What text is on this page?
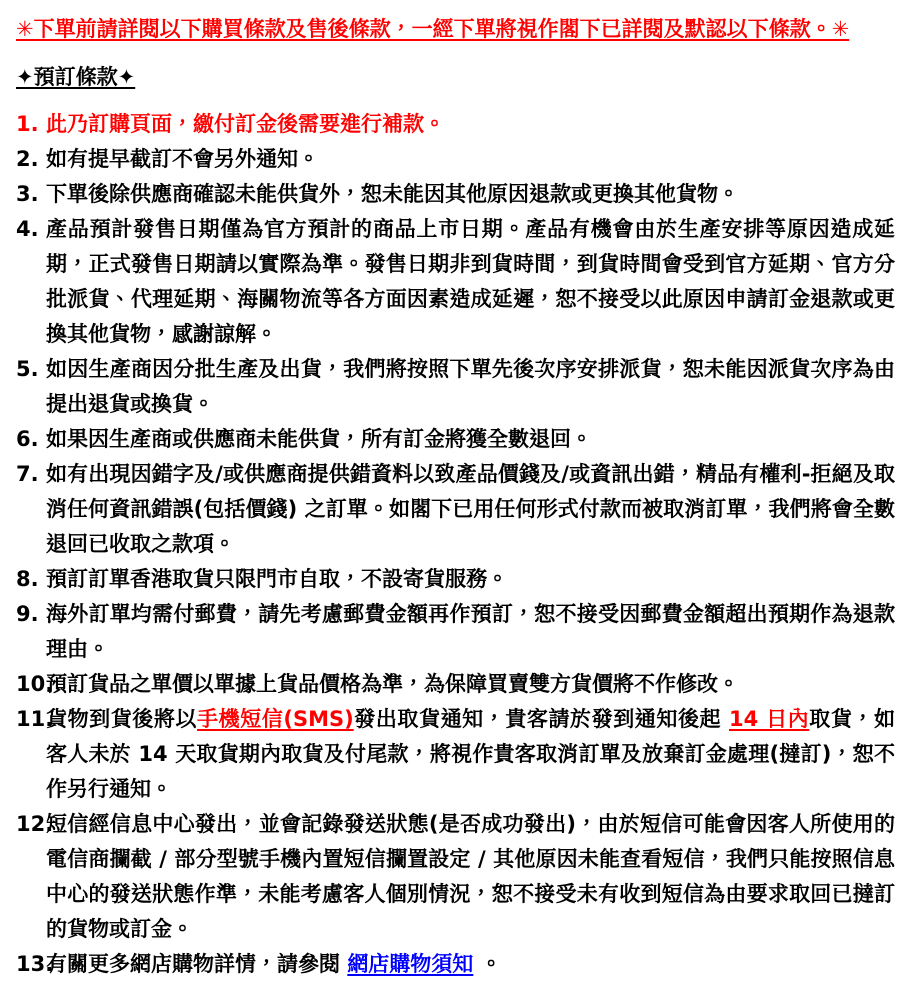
✳下單前請詳閱以下購買條款及售後條款，一經下單將視作閣下已詳閱及默認以下條款。✳

✦預訂條款✦

1. 此乃訂購頁面，繳付訂金後需要進行補款。
2. 如有提早截訂不會另外通知。
3. 下單後除供應商確認未能供貨外，恕未能因其他原因退款或更換其他貨物。
4. 產品預計發售日期僅為官方預計的商品上市日期。產品有機會由於生產安排等原因造成延期，正式發售日期請以實際為準。發售日期非到貨時間，到貨時間會受到官方延期、官方分批派貨、代理延期、海關物流等各方面因素造成延遲，恕不接受以此原因申請訂金退款或更換其他貨物，感謝諒解。
5. 如因生產商因分批生產及出貨，我們將按照下單先後次序安排派貨，恕未能因派貨次序為由提出退貨或換貨。
6. 如果因生產商或供應商未能供貨，所有訂金將獲全數退回。
7. 如有出現因錯字及/或供應商提供錯資料以致產品價錢及/或資訊出錯，精品有權利-拒絕及取消任何資訊錯誤(包括價錢) 之訂單。如閣下已用任何形式付款而被取消訂單，我們將會全數退回已收取之款項。
8. 預訂訂單香港取貨只限門市自取，不設寄貨服務。
9. 海外訂單均需付郵費，請先考慮郵費金額再作預訂，恕不接受因郵費金額超出預期作為退款理由。
10.
預訂貨品之單價以單據上貨品價格為準，為保障買賣雙方貨價將不作修改。
11.
貨物到貨後將以手機短信(SMS)發出取貨通知，貴客請於發到通知後起 14 日內取貨，如客人未於 14 天取貨期內取貨及付尾款，將視作貴客取消訂單及放棄訂金處理(撻訂)，恕不作另行通知。
12.
短信經信息中心發出，並會記錄發送狀態(是否成功發出)，由於短信可能會因客人所使用的電信商攔截 / 部分型號手機內置短信攔置設定 / 其他原因未能查看短信，我們只能按照信息中心的發送狀態作準，未能考慮客人個別情況，恕不接受未有收到短信為由要求取回已撻訂的貨物或訂金。
13.
有關更多網店購物詳情，請參閱 網店購物須知 。
